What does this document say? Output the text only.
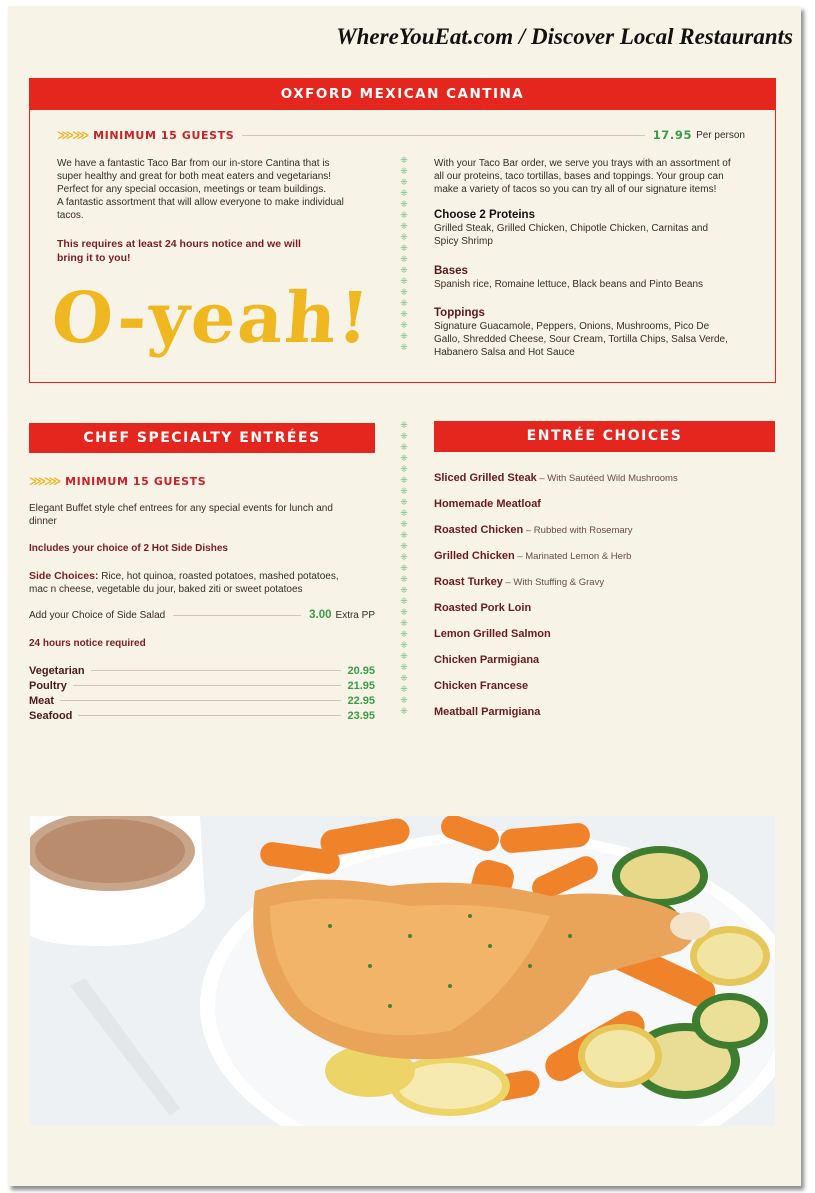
WhereYouEat.com / Discover Local Restaurants
OXFORD MEXICAN CANTINA
⋙⋙ MINIMUM 15 GUESTS	17.95 Per person
We have a fantastic Taco Bar from our in-store Cantina that is
super healthy and great for both meat eaters and vegetarians!
Perfect for any special occasion, meetings or team buildings.
A fantastic assortment that will allow everyone to make individual
tacos.
This requires at least 24 hours notice and we will
bring it to you!
O-yeah!
⁜
⁜
⁜
⁜
⁜
⁜
⁜
⁜
⁜
⁜
⁜
⁜
⁜
⁜
⁜
⁜
⁜
⁜
With your Taco Bar order, we serve you trays with an assortment of
all our proteins, taco tortillas, bases and toppings. Your group can
make a variety of tacos so you can try all of our signature items!
Choose 2 Proteins
Grilled Steak, Grilled Chicken, Chipotle Chicken, Carnitas and
Spicy Shrimp
Bases
Spanish rice, Romaine lettuce, Black beans and Pinto Beans
Toppings
Signature Guacamole, Peppers, Onions, Mushrooms, Pico De
Gallo, Shredded Cheese, Sour Cream, Tortilla Chips, Salsa Verde,
Habanero Salsa and Hot Sauce
CHEF SPECIALTY ENTRÉES
⋙⋙ MINIMUM 15 GUESTS
Elegant Buffet style chef entrees for any special events for lunch and
dinner
Includes your choice of 2 Hot Side Dishes
Side Choices: Rice, hot quinoa, roasted potatoes, mashed potatoes,
mac n cheese, vegetable du jour, baked ziti or sweet potatoes
Add your Choice of Side Salad	3.00 Extra PP
24 hours notice required
Vegetarian	20.95
Poultry	21.95
Meat	22.95
Seafood	23.95
⁜
⁜
⁜
⁜
⁜
⁜
⁜
⁜
⁜
⁜
⁜
⁜
⁜
⁜
⁜
⁜
⁜
⁜
⁜
⁜
⁜
⁜
⁜
⁜
⁜
⁜
⁜
ENTRÉE CHOICES
Sliced Grilled Steak – With Sautéed Wild Mushrooms
Homemade Meatloaf
Roasted Chicken – Rubbed with Rosemary
Grilled Chicken – Marinated Lemon & Herb
Roast Turkey – With Stuffing & Gravy
Roasted Pork Loin
Lemon Grilled Salmon
Chicken Parmigiana
Chicken Francese
Meatball Parmigiana
